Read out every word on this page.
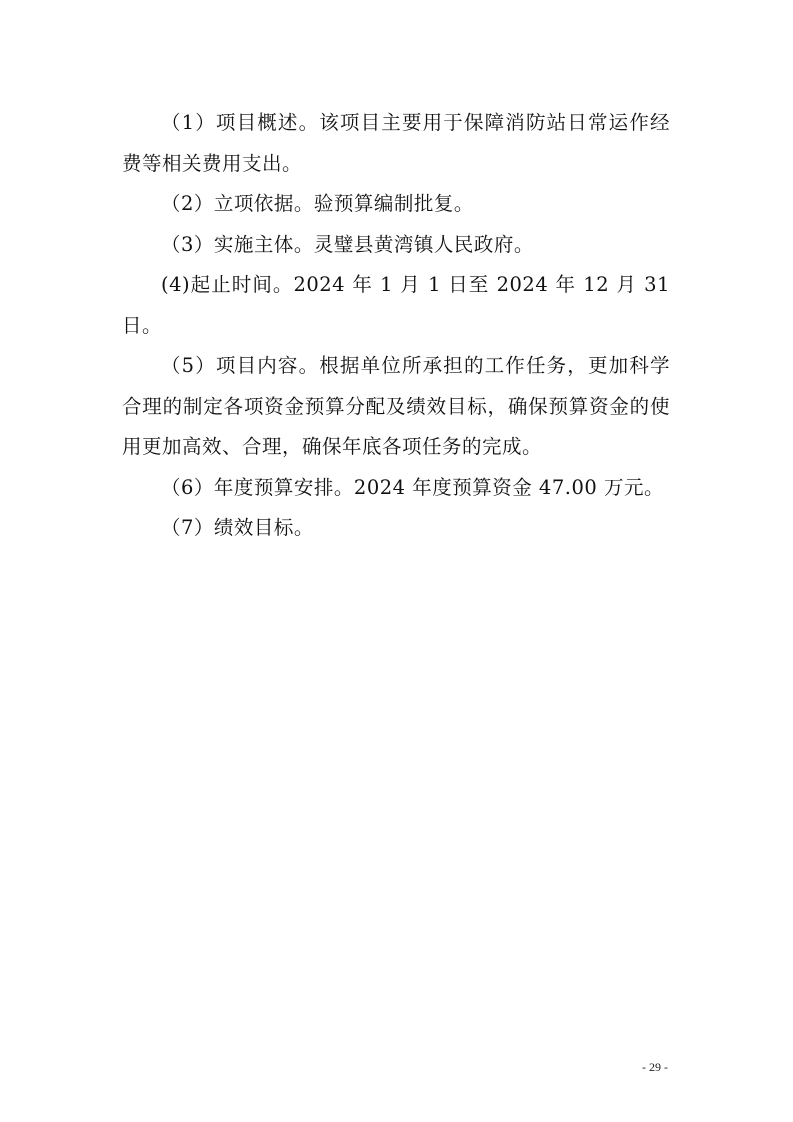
（1）项目概述。该项目主要用于保障消防站日常运作经费等相关费用支出。

（2）立项依据。验预算编制批复。

（3）实施主体。灵璧县黄湾镇人民政府。

(4)起止时间。2024 年 1 月 1 日至 2024 年 12 月 31 日。

（5）项目内容。根据单位所承担的工作任务，更加科学合理的制定各项资金预算分配及绩效目标，确保预算资金的使用更加高效、合理，确保年底各项任务的完成。

（6）年度预算安排。2024 年度预算资金 47.00 万元。

（7）绩效目标。

- 29 -
